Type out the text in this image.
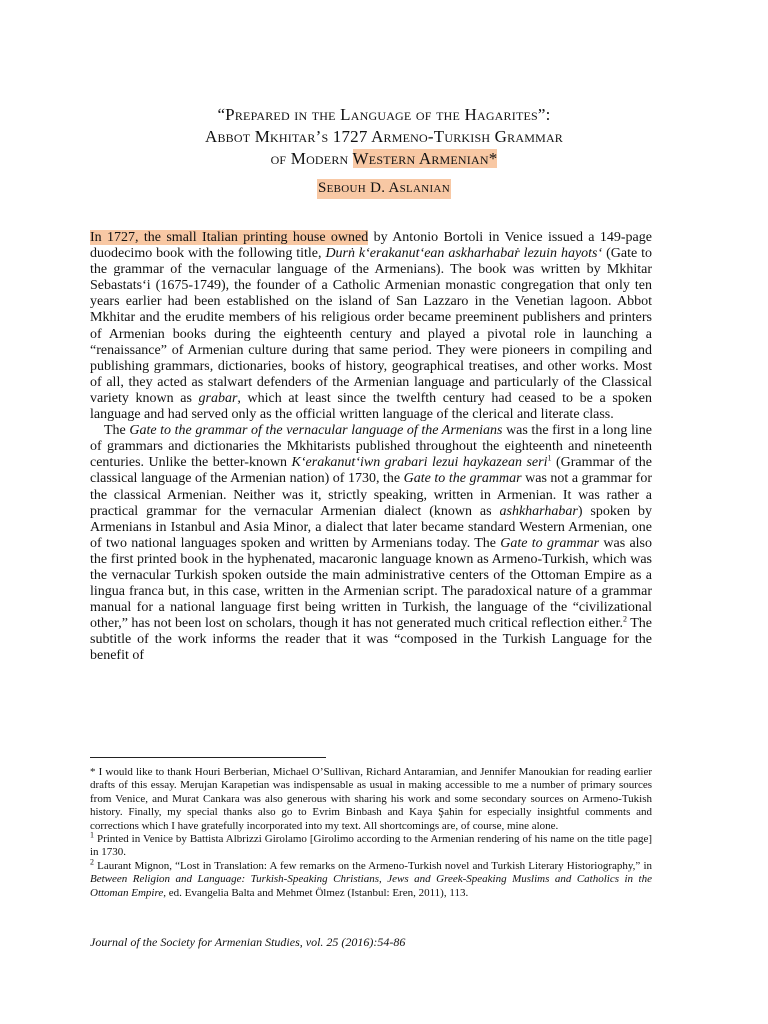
“Prepared in the Language of the Hagarites”:
Abbot Mkhitar’s 1727 Armeno-Turkish Grammar
of Modern Western Armenian*
Sebouh D. Aslanian

In 1727, the small Italian printing house owned by Antonio Bortoli in Venice issued a 149-page duodecimo book with the following title, Durṅ k‘erakanut‘ean askharhabaṙ lezuin hayots‘ (Gate to the grammar of the vernacular language of the Armenians). The book was written by Mkhitar Sebastats‘i (1675-1749), the founder of a Catholic Armenian monastic congregation that only ten years earlier had been established on the island of San Lazzaro in the Venetian lagoon. Abbot Mkhitar and the erudite members of his religious order became preeminent publishers and printers of Armenian books during the eighteenth century and played a pivotal role in launching a “renaissance” of Armenian culture during that same period. They were pioneers in compiling and publishing grammars, dictionaries, books of history, geographical treatises, and other works. Most of all, they acted as stalwart defenders of the Armenian language and particularly of the Classical variety known as grabar, which at least since the twelfth century had ceased to be a spoken language and had served only as the official written language of the clerical and literate class.

The Gate to the grammar of the vernacular language of the Armenians was the first in a long line of grammars and dictionaries the Mkhitarists published throughout the eighteenth and nineteenth centuries. Unlike the better-known K‘erakanut‘iwn grabari lezui haykazean seri$^1$ (Grammar of the classical language of the Armenian nation) of 1730, the Gate to the grammar was not a grammar for the classical Armenian. Neither was it, strictly speaking, written in Armenian. It was rather a practical grammar for the vernacular Armenian dialect (known as ashkharhabar) spoken by Armenians in Istanbul and Asia Minor, a dialect that later became standard Western Armenian, one of two national languages spoken and written by Armenians today. The Gate to grammar was also the first printed book in the hyphenated, macaronic language known as Armeno-Turkish, which was the vernacular Turkish spoken outside the main administrative centers of the Ottoman Empire as a lingua franca but, in this case, written in the Armenian script. The paradoxical nature of a grammar manual for a national language first being written in Turkish, the language of the “civilizational other,” has not been lost on scholars, though it has not generated much critical reflection either.$^2$ The subtitle of the work informs the reader that it was “composed in the Turkish Language for the benefit of

* I would like to thank Houri Berberian, Michael O’Sullivan, Richard Antaramian, and Jennifer Manoukian for reading earlier drafts of this essay. Merujan Karapetian was indispensable as usual in making accessible to me a number of primary sources from Venice, and Murat Cankara was also generous with sharing his work and some secondary sources on Armeno-Tukish history. Finally, my special thanks also go to Evrim Binbash and Kaya Şahin for especially insightful comments and corrections which I have gratefully incorporated into my text. All shortcomings are, of course, mine alone.

$^1$ Printed in Venice by Battista Albrizzi Girolamo [Girolimo according to the Armenian rendering of his name on the title page] in 1730.

$^2$ Laurant Mignon, “Lost in Translation: A few remarks on the Armeno-Turkish novel and Turkish Literary Historiography,” in Between Religion and Language: Turkish-Speaking Christians, Jews and Greek-Speaking Muslims and Catholics in the Ottoman Empire, ed. Evangelia Balta and Mehmet Ölmez (Istanbul: Eren, 2011), 113.

Journal of the Society for Armenian Studies, vol. 25 (2016):54-86
